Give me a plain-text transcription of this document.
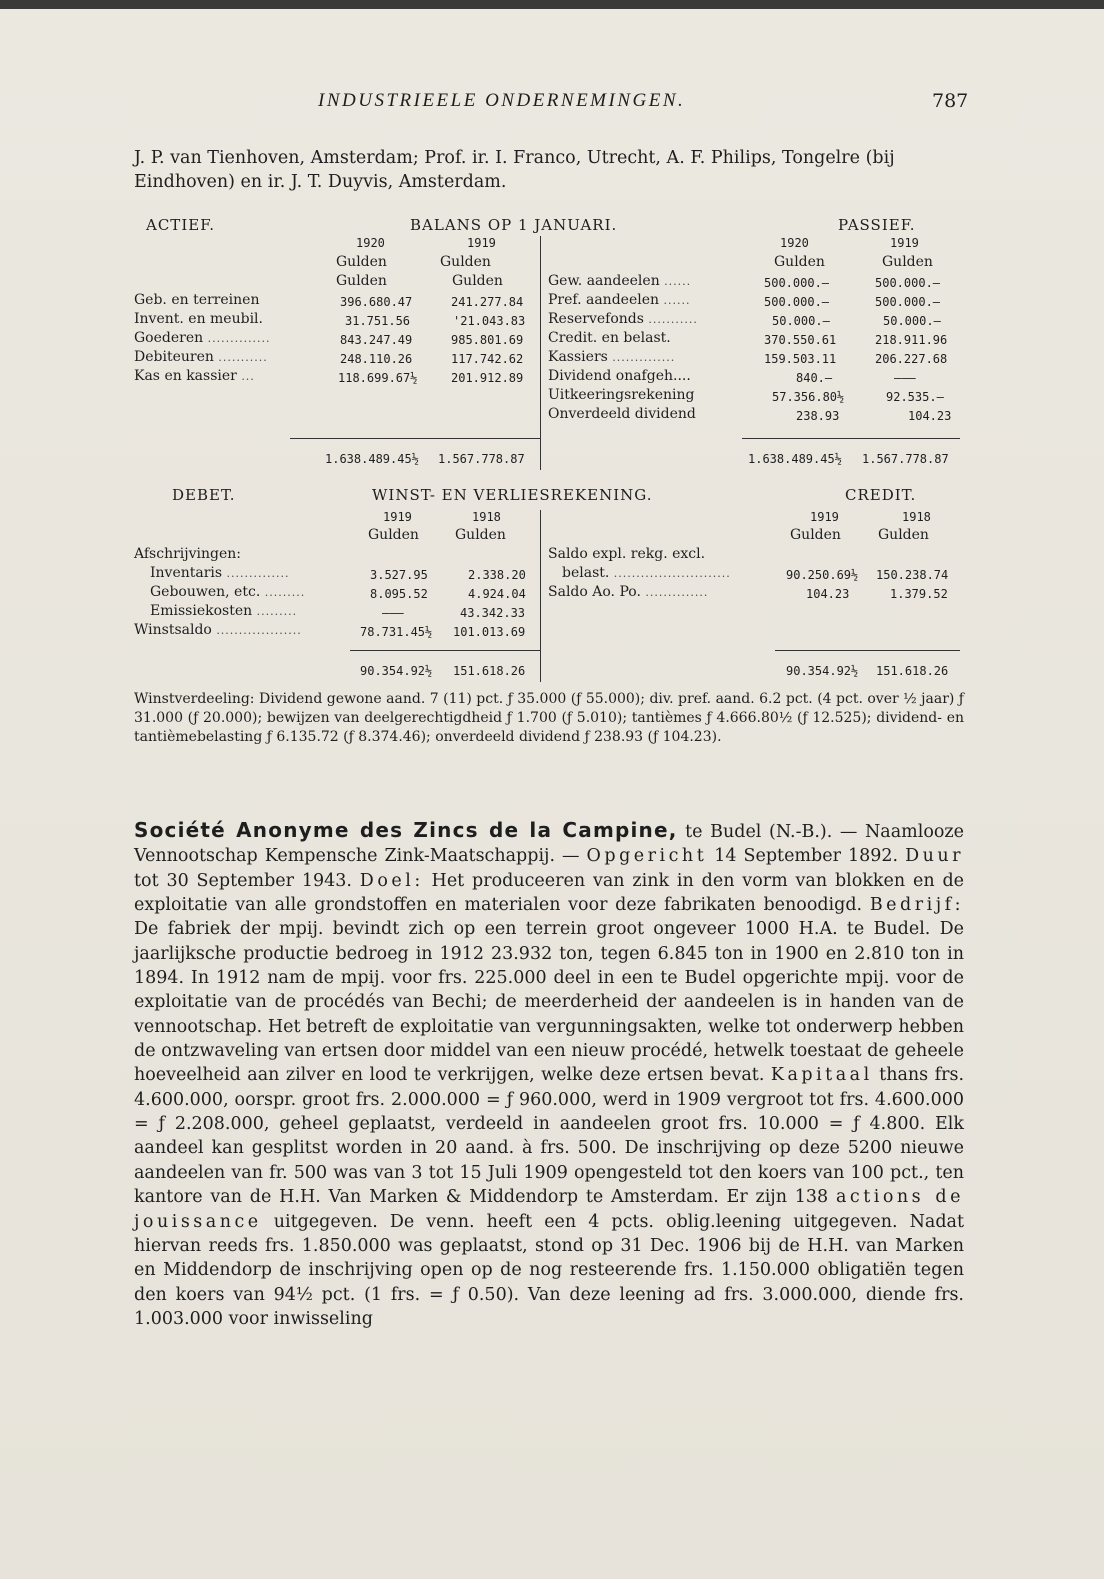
INDUSTRIEELE ONDERNEMINGEN.	787
J. P. van Tienhoven, Amsterdam; Prof. ir. I. Franco, Utrecht, A. F. Philips, Tongelre (bij Eindhoven) en ir. J. T. Duyvis, Amsterdam.
ACTIEF.	BALANS OP 1 JANUARI.	PASSIEF.
1920	1919
Gulden	Gulden
Gulden	Gulden
1920	1919
Gulden	Gulden
Geb. en terreinen	396.680.47	241.277.84
Invent. en meubil.	31.751.56	'21.043.83
Goederen ..............	843.247.49	985.801.69
Debiteuren ...........	248.110.26	117.742.62
Kas en kassier ...	118.699.67½	201.912.89
Gew. aandeelen ......	500.000.—	500.000.—
Pref. aandeelen ......	500.000.—	500.000.—
Reservefonds ...........	50.000.—	50.000.—
Credit. en belast.	370.550.61	218.911.96
Kassiers ..............	159.503.11	206.227.68
Dividend onafgeh....	840.—	———
Uitkeeringsrekening	57.356.80½	92.535.—
Onverdeeld dividend	238.93	104.23
1.638.489.45½ 1.567.778.87	1.638.489.45½ 1.567.778.87
DEBET.	WINST- EN VERLIESREKENING.	CREDIT.
1919	1918
Gulden	Gulden
1919	1918
Gulden	Gulden
Afschrijvingen:
Inventaris ..............	3.527.95	2.338.20
Gebouwen, etc. .........	8.095.52	4.924.04
Emissiekosten .........	———	43.342.33
Winstsaldo ...................	78.731.45½ 101.013.69
Saldo expl. rekg. excl.
belast. ..........................	90.250.69½ 150.238.74
Saldo Ao. Po. ..............	104.23	1.379.52
90.354.92½ 151.618.26	90.354.92½ 151.618.26
Winstverdeeling: Dividend gewone aand. 7 (11) pct. ƒ 35.000 (ƒ 55.000); div. pref. aand. 6.2 pct. (4 pct. over ½ jaar) ƒ 31.000 (ƒ 20.000); bewijzen van deelgerechtigdheid ƒ 1.700 (ƒ 5.010); tantièmes ƒ 4.666.80½ (ƒ 12.525); dividend- en tantièmebelasting ƒ 6.135.72 (ƒ 8.374.46); onverdeeld dividend ƒ 238.93 (ƒ 104.23).
Société Anonyme des Zincs de la Campine, te Budel (N.-B.). — Naamlooze Vennootschap Kempensche Zink-Maatschappij. — Opgericht 14 September 1892. Duur tot 30 September 1943. Doel: Het produceeren van zink in den vorm van blokken en de exploitatie van alle grondstoffen en materialen voor deze fabrikaten benoodigd. Bedrijf: De fabriek der mpij. bevindt zich op een terrein groot ongeveer 1000 H.A. te Budel. De jaarlijksche productie bedroeg in 1912 23.932 ton, tegen 6.845 ton in 1900 en 2.810 ton in 1894. In 1912 nam de mpij. voor frs. 225.000 deel in een te Budel opgerichte mpij. voor de exploitatie van de procédés van Bechi; de meerderheid der aandeelen is in handen van de vennootschap. Het betreft de exploitatie van vergunningsakten, welke tot onderwerp hebben de ontzwaveling van ertsen door middel van een nieuw procédé, hetwelk toestaat de geheele hoeveelheid aan zilver en lood te verkrijgen, welke deze ertsen bevat. Kapitaal thans frs. 4.600.000, oorspr. groot frs. 2.000.000 = ƒ 960.000, werd in 1909 vergroot tot frs. 4.600.000 = ƒ 2.208.000, geheel geplaatst, verdeeld in aandeelen groot frs. 10.000 = ƒ 4.800. Elk aandeel kan gesplitst worden in 20 aand. à frs. 500. De inschrijving op deze 5200 nieuwe aandeelen van fr. 500 was van 3 tot 15 Juli 1909 opengesteld tot den koers van 100 pct., ten kantore van de H.H. Van Marken & Middendorp te Amsterdam. Er zijn 138 actions de jouissance uitgegeven. De venn. heeft een 4 pcts. oblig.leening uitgegeven. Nadat hiervan reeds frs. 1.850.000 was geplaatst, stond op 31 Dec. 1906 bij de H.H. van Marken en Middendorp de inschrijving open op de nog resteerende frs. 1.150.000 obligatiën tegen den koers van 94½ pct. (1 frs. = ƒ 0.50). Van deze leening ad frs. 3.000.000, diende frs. 1.003.000 voor inwisseling
